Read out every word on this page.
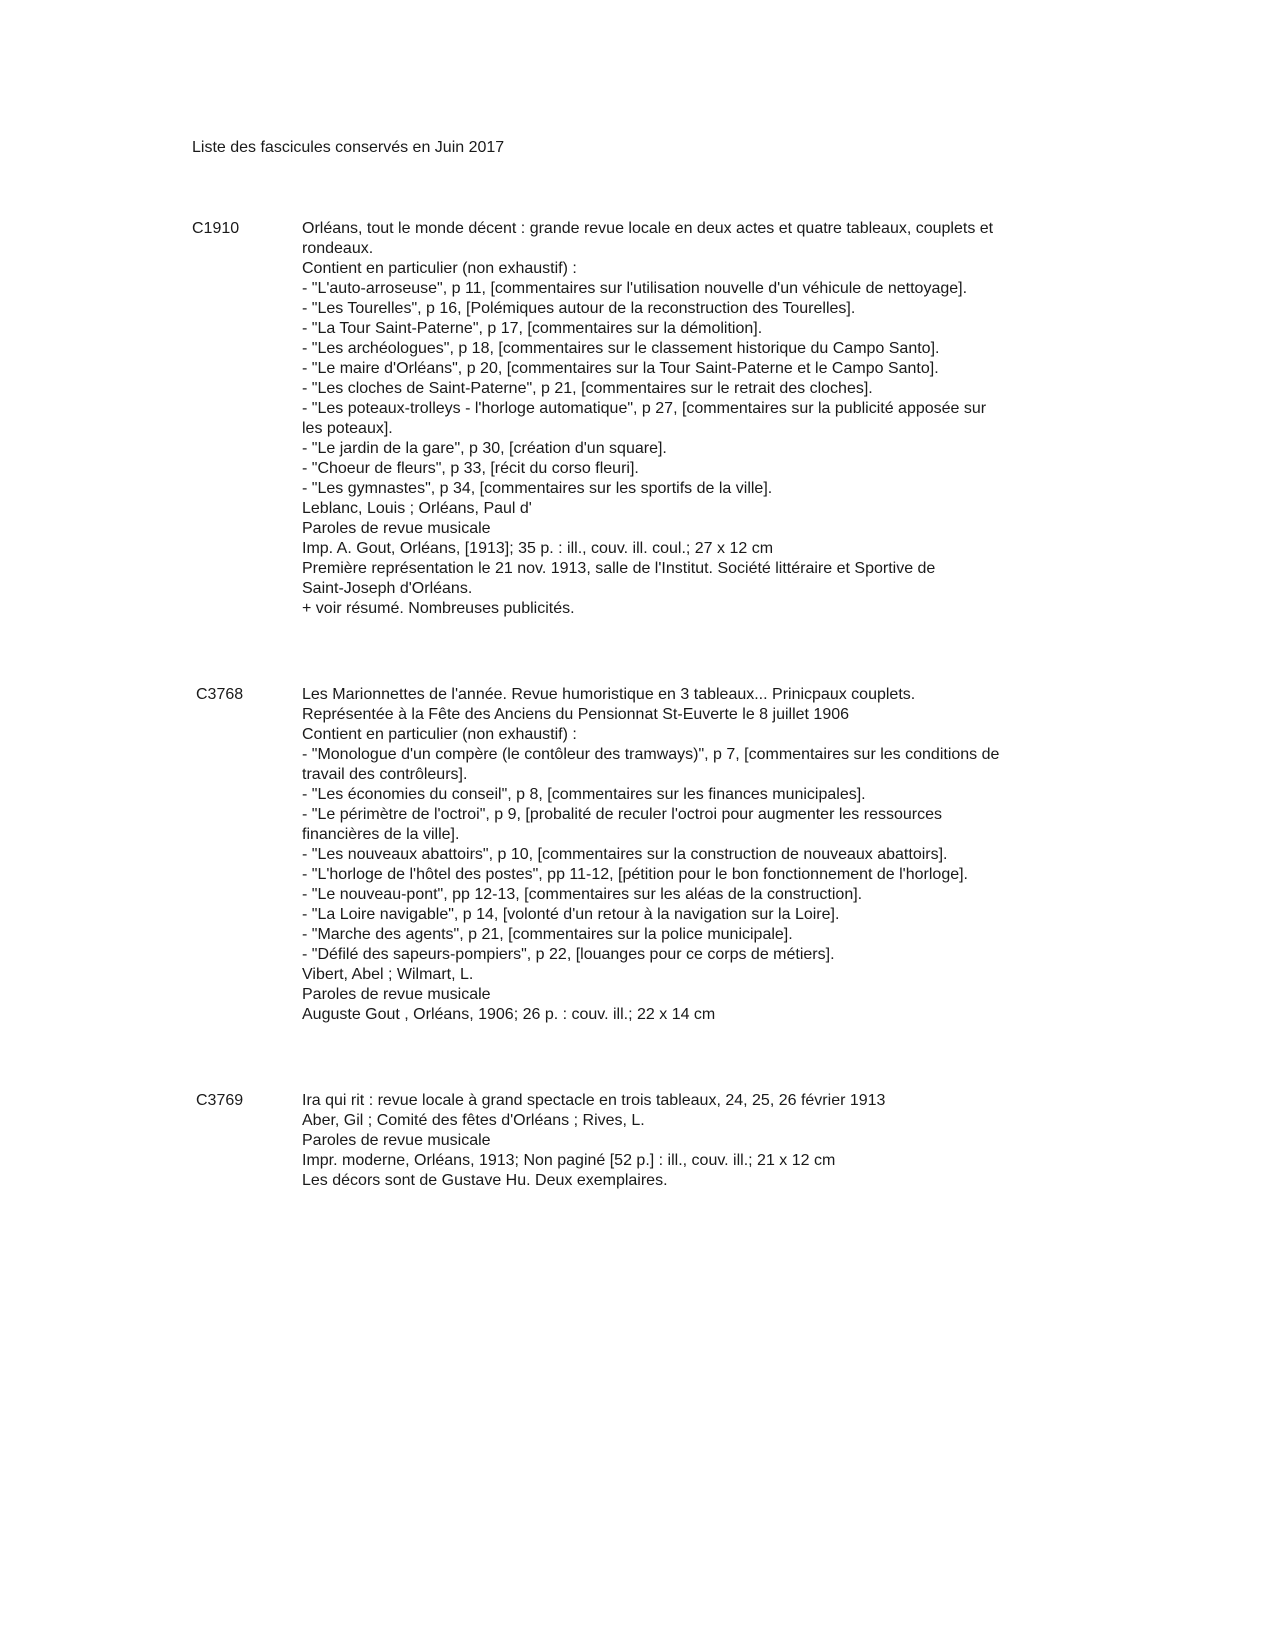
Liste des fascicules conservés en Juin 2017
C1910	Orléans, tout le monde décent : grande revue locale en deux actes et quatre tableaux, couplets et
rondeaux.
Contient en particulier (non exhaustif) :
- "L'auto-arroseuse", p 11, [commentaires sur l'utilisation nouvelle d'un véhicule de nettoyage].
- "Les Tourelles", p 16, [Polémiques autour de la reconstruction des Tourelles].
- "La Tour Saint-Paterne", p 17, [commentaires sur la démolition].
- "Les archéologues", p 18, [commentaires sur le classement historique du Campo Santo].
- "Le maire d'Orléans", p 20, [commentaires sur la Tour Saint-Paterne et le Campo Santo].
- "Les cloches de Saint-Paterne", p 21, [commentaires sur le retrait des cloches].
- "Les poteaux-trolleys - l'horloge automatique", p 27, [commentaires sur la publicité apposée sur
les poteaux].
- "Le jardin de la gare", p 30, [création d'un square].
- "Choeur de fleurs", p 33, [récit du corso fleuri].
- "Les gymnastes", p 34, [commentaires sur les sportifs de la ville].
Leblanc, Louis ; Orléans, Paul d'
Paroles de revue musicale
Imp. A. Gout, Orléans, [1913]; 35 p. : ill., couv. ill. coul.; 27 x 12 cm
Première représentation le 21 nov. 1913, salle de l'Institut. Société littéraire et Sportive de
Saint-Joseph d'Orléans.
+ voir résumé. Nombreuses publicités.
C3768	Les Marionnettes de l'année. Revue humoristique en 3 tableaux... Prinicpaux couplets.
Représentée à la Fête des Anciens du Pensionnat St-Euverte le 8 juillet 1906
Contient en particulier (non exhaustif) :
- "Monologue d'un compère (le contôleur des tramways)", p 7, [commentaires sur les conditions de
travail des contrôleurs].
- "Les économies du conseil", p 8, [commentaires sur les finances municipales].
- "Le périmètre de l'octroi", p 9, [probalité de reculer l'octroi pour augmenter les ressources
financières de la ville].
- "Les nouveaux abattoirs", p 10, [commentaires sur la construction de nouveaux abattoirs].
- "L'horloge de l'hôtel des postes", pp 11-12, [pétition pour le bon fonctionnement de l'horloge].
- "Le nouveau-pont", pp 12-13, [commentaires sur les aléas de la construction].
- "La Loire navigable", p 14, [volonté d'un retour à la navigation sur la Loire].
- "Marche des agents", p 21, [commentaires sur la police municipale].
- "Défilé des sapeurs-pompiers", p 22, [louanges pour ce corps de métiers].
Vibert, Abel ; Wilmart, L.
Paroles de revue musicale
Auguste Gout , Orléans, 1906; 26 p. : couv. ill.; 22 x 14 cm
C3769	Ira qui rit : revue locale à grand spectacle en trois tableaux, 24, 25, 26 février 1913
Aber, Gil ; Comité des fêtes d'Orléans ; Rives, L.
Paroles de revue musicale
Impr. moderne, Orléans, 1913; Non paginé [52 p.] : ill., couv. ill.; 21 x 12 cm
Les décors sont de Gustave Hu. Deux exemplaires.
